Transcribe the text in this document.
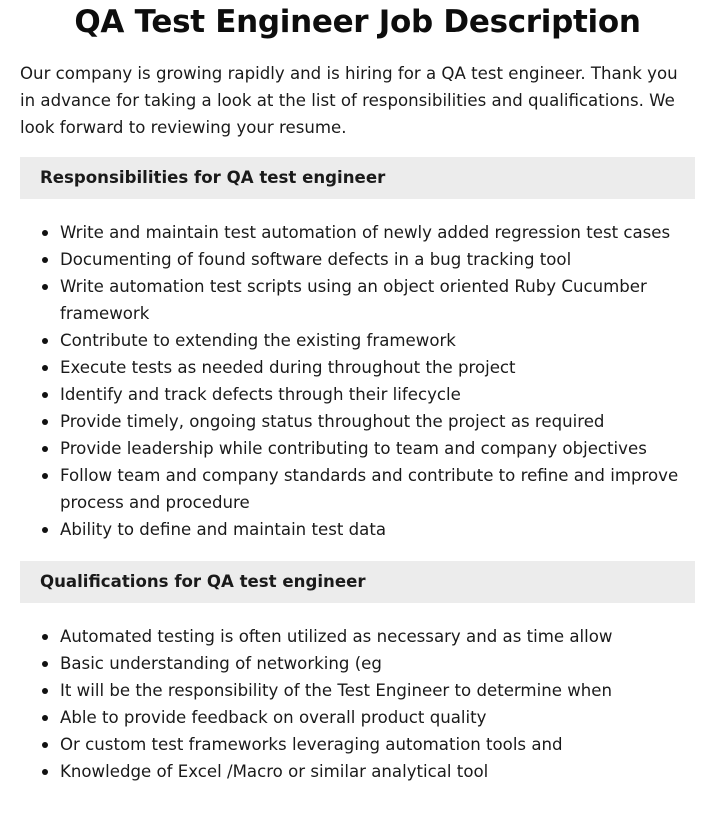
QA Test Engineer Job Description

Our company is growing rapidly and is hiring for a QA test engineer. Thank you in advance for taking a look at the list of responsibilities and qualifications. We look forward to reviewing your resume.

Responsibilities for QA test engineer
Write and maintain test automation of newly added regression test cases
Documenting of found software defects in a bug tracking tool
Write automation test scripts using an object oriented Ruby Cucumber framework
Contribute to extending the existing framework
Execute tests as needed during throughout the project
Identify and track defects through their lifecycle
Provide timely, ongoing status throughout the project as required
Provide leadership while contributing to team and company objectives
Follow team and company standards and contribute to refine and improve process and procedure
Ability to define and maintain test data
Qualifications for QA test engineer
Automated testing is often utilized as necessary and as time allow
Basic understanding of networking (eg
It will be the responsibility of the Test Engineer to determine when
Able to provide feedback on overall product quality
Or custom test frameworks leveraging automation tools and
Knowledge of Excel /Macro or similar analytical tool
